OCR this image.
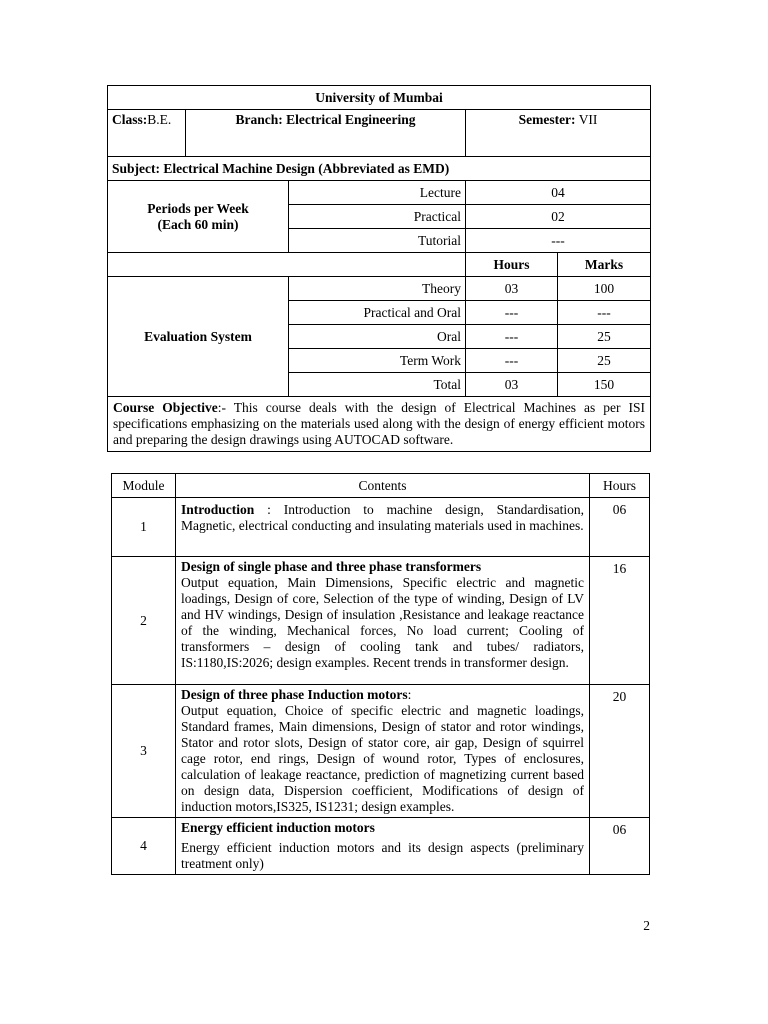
University of Mumbai				
Class:B.E.	Branch: Electrical Engineering		Semester: VII	
Subject: Electrical Machine Design (Abbreviated as EMD)				
Periods per Week
(Each 60 min)		Lecture	04	
		Practical	02	
		Tutorial	---	
			Hours	Marks
Evaluation System		Theory	03	100
		Practical and Oral	---	---
		Oral	---	25
		Term Work	---	25
		Total	03	150
Course Objective:- This course deals with the design of Electrical Machines as per ISI specifications emphasizing on the materials used along with the design of energy efficient motors and preparing the design drawings using AUTOCAD software.				
Module	Contents	Hours
1	Introduction : Introduction to machine design, Standardisation, Magnetic, electrical conducting and insulating materials used in machines.	06
2	Design of single phase and three phase transformers
Output equation, Main Dimensions, Specific electric and magnetic loadings, Design of core, Selection of the type of winding, Design of LV and HV windings, Design of insulation ,Resistance and leakage reactance of the winding, Mechanical forces, No load current; Cooling of transformers – design of cooling tank and tubes/ radiators, IS:1180,IS:2026; design examples. Recent trends in transformer design.	16
3	Design of three phase Induction motors:
Output equation, Choice of specific electric and magnetic loadings, Standard frames, Main dimensions, Design of stator and rotor windings, Stator and rotor slots, Design of stator core, air gap, Design of squirrel cage rotor, end rings, Design of wound rotor, Types of enclosures, calculation of leakage reactance, prediction of magnetizing current based on design data, Dispersion coefficient, Modifications of design of induction motors,IS325, IS1231; design examples.	20
4	Energy efficient induction motors
Energy efficient induction motors and its design aspects (preliminary treatment only)	06
2
